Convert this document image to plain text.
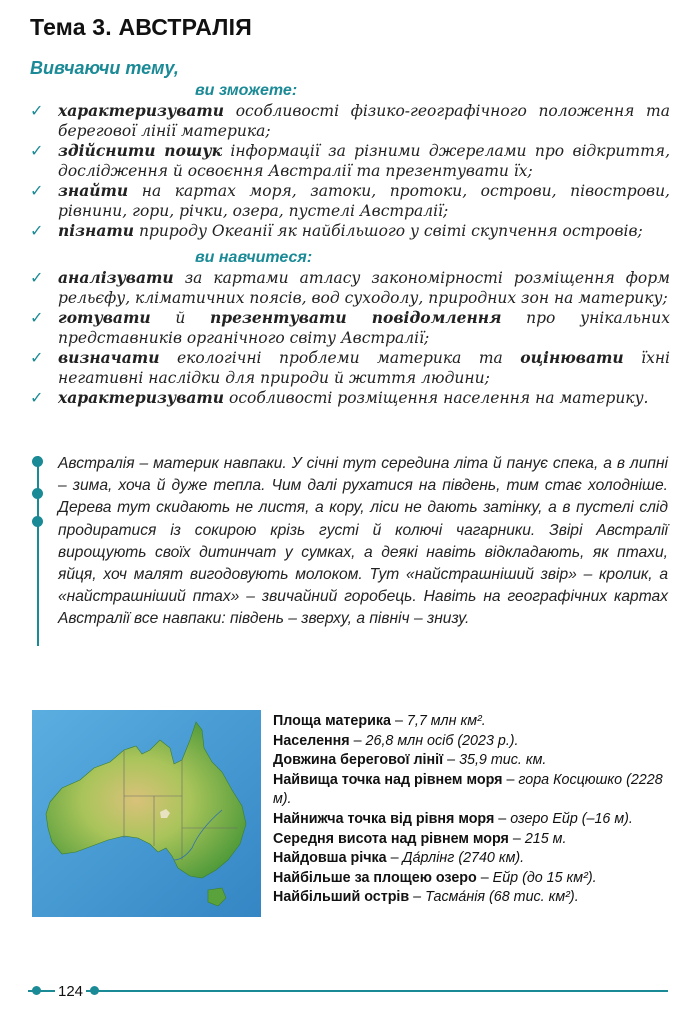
Тема 3. АВСТРАЛІЯ
Вивчаючи тему,
ви зможете:
✓ характеризувати особливості фізико-географічного положення та берегової лінії материка;
✓ здійснити пошук інформації за різними джерелами про відкриття, дослідження й освоєння Австралії та презентувати їх;
✓ знайти на картах моря, затоки, протоки, острови, півострови, рівнини, гори, річки, озера, пустелі Австралії;
✓ пізнати природу Океанії як найбільшого у світі скупчення островів;
ви навчитеся:
✓ аналізувати за картами атласу закономірності розміщення форм рельєфу, кліматичних поясів, вод суходолу, природних зон на материку;
✓ готувати й презентувати повідомлення про унікальних представників органічного світу Австралії;
✓ визначати екологічні проблеми материка та оцінювати їхні негативні наслідки для природи й життя людини;
✓ характеризувати особливості розміщення населення на материку.
Австралія – материк навпаки. У січні тут середина літа й панує спека, а в липні – зима, хоча й дуже тепла. Чим далі рухатися на південь, тим стає холодніше. Дерева тут скидають не листя, а кору, ліси не дають затінку, а в пустелі слід продиратися із сокирою крізь густі й колючі чагарники. Звірі Австралії вирощують своїх дитинчат у сумках, а деякі навіть відкладають, як птахи, яйця, хоч малят вигодовують молоком. Тут «найстрашніший звір» – кролик, а «найстрашніший птах» – звичайний горобець. Навіть на географічних картах Австралії все навпаки: південь – зверху, а північ – знизу.
Площа материка – 7,7 млн км².
Населення – 26,8 млн осіб (2023 р.).
Довжина берегової лінії – 35,9 тис. км.
Найвища точка над рівнем моря – гора Косцюшко (2228 м).
Найнижча точка від рівня моря – озеро Ейр (–16 м).
Середня висота над рівнем моря – 215 м.
Найдовша річка – Да́рлінг (2740 км).
Найбільше за площею озеро – Ейр (до 15 км²).
Найбільший острів – Тасма́нія (68 тис. км²).
124
